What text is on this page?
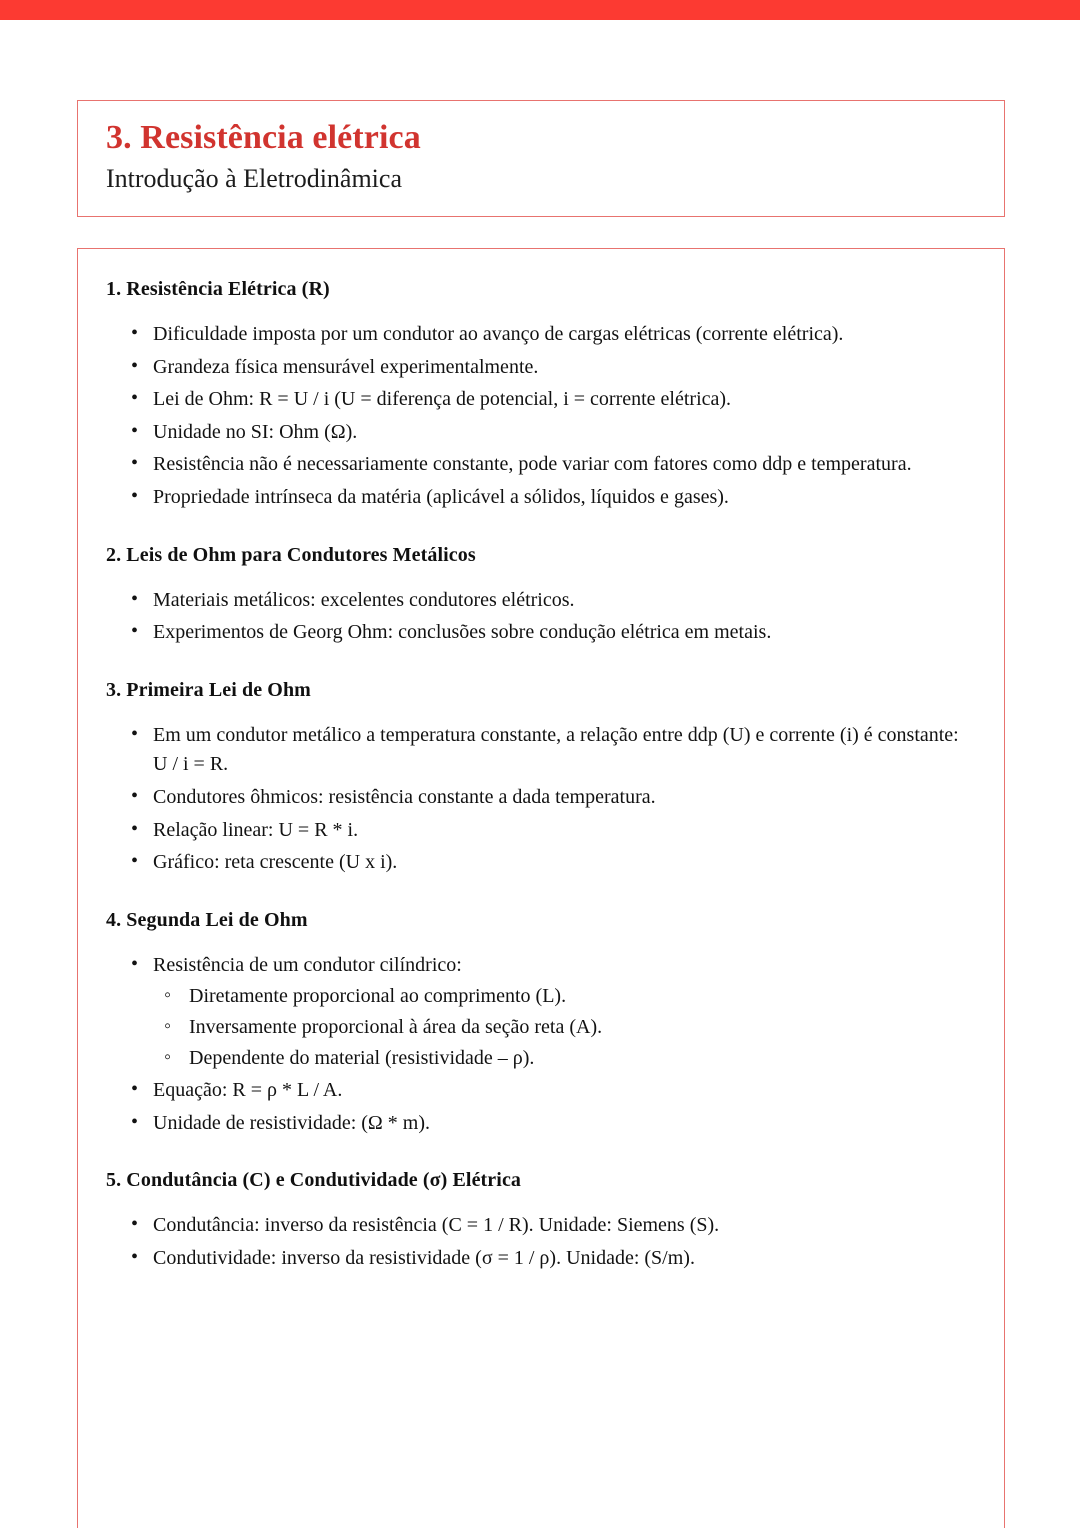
3. Resistência elétrica
Introdução à Eletrodinâmica
1. Resistência Elétrica (R)
• Dificuldade imposta por um condutor ao avanço de cargas elétricas (corrente elétrica).
• Grandeza física mensurável experimentalmente.
• Lei de Ohm: R = U / i (U = diferença de potencial, i = corrente elétrica).
• Unidade no SI: Ohm (Ω).
• Resistência não é necessariamente constante, pode variar com fatores como ddp e temperatura.
• Propriedade intrínseca da matéria (aplicável a sólidos, líquidos e gases).
2. Leis de Ohm para Condutores Metálicos
• Materiais metálicos: excelentes condutores elétricos.
• Experimentos de Georg Ohm: conclusões sobre condução elétrica em metais.
3. Primeira Lei de Ohm
• Em um condutor metálico a temperatura constante, a relação entre ddp (U) e corrente (i) é constante: U / i = R.
• Condutores ôhmicos: resistência constante a dada temperatura.
• Relação linear: U = R * i.
• Gráfico: reta crescente (U x i).
4. Segunda Lei de Ohm
• Resistência de um condutor cilíndrico:
◦ Diretamente proporcional ao comprimento (L).
◦ Inversamente proporcional à área da seção reta (A).
◦ Dependente do material (resistividade – ρ).
• Equação: R = ρ * L / A.
• Unidade de resistividade: (Ω * m).
5. Condutância (C) e Condutividade (σ) Elétrica
• Condutância: inverso da resistência (C = 1 / R). Unidade: Siemens (S).
• Condutividade: inverso da resistividade (σ = 1 / ρ). Unidade: (S/m).
